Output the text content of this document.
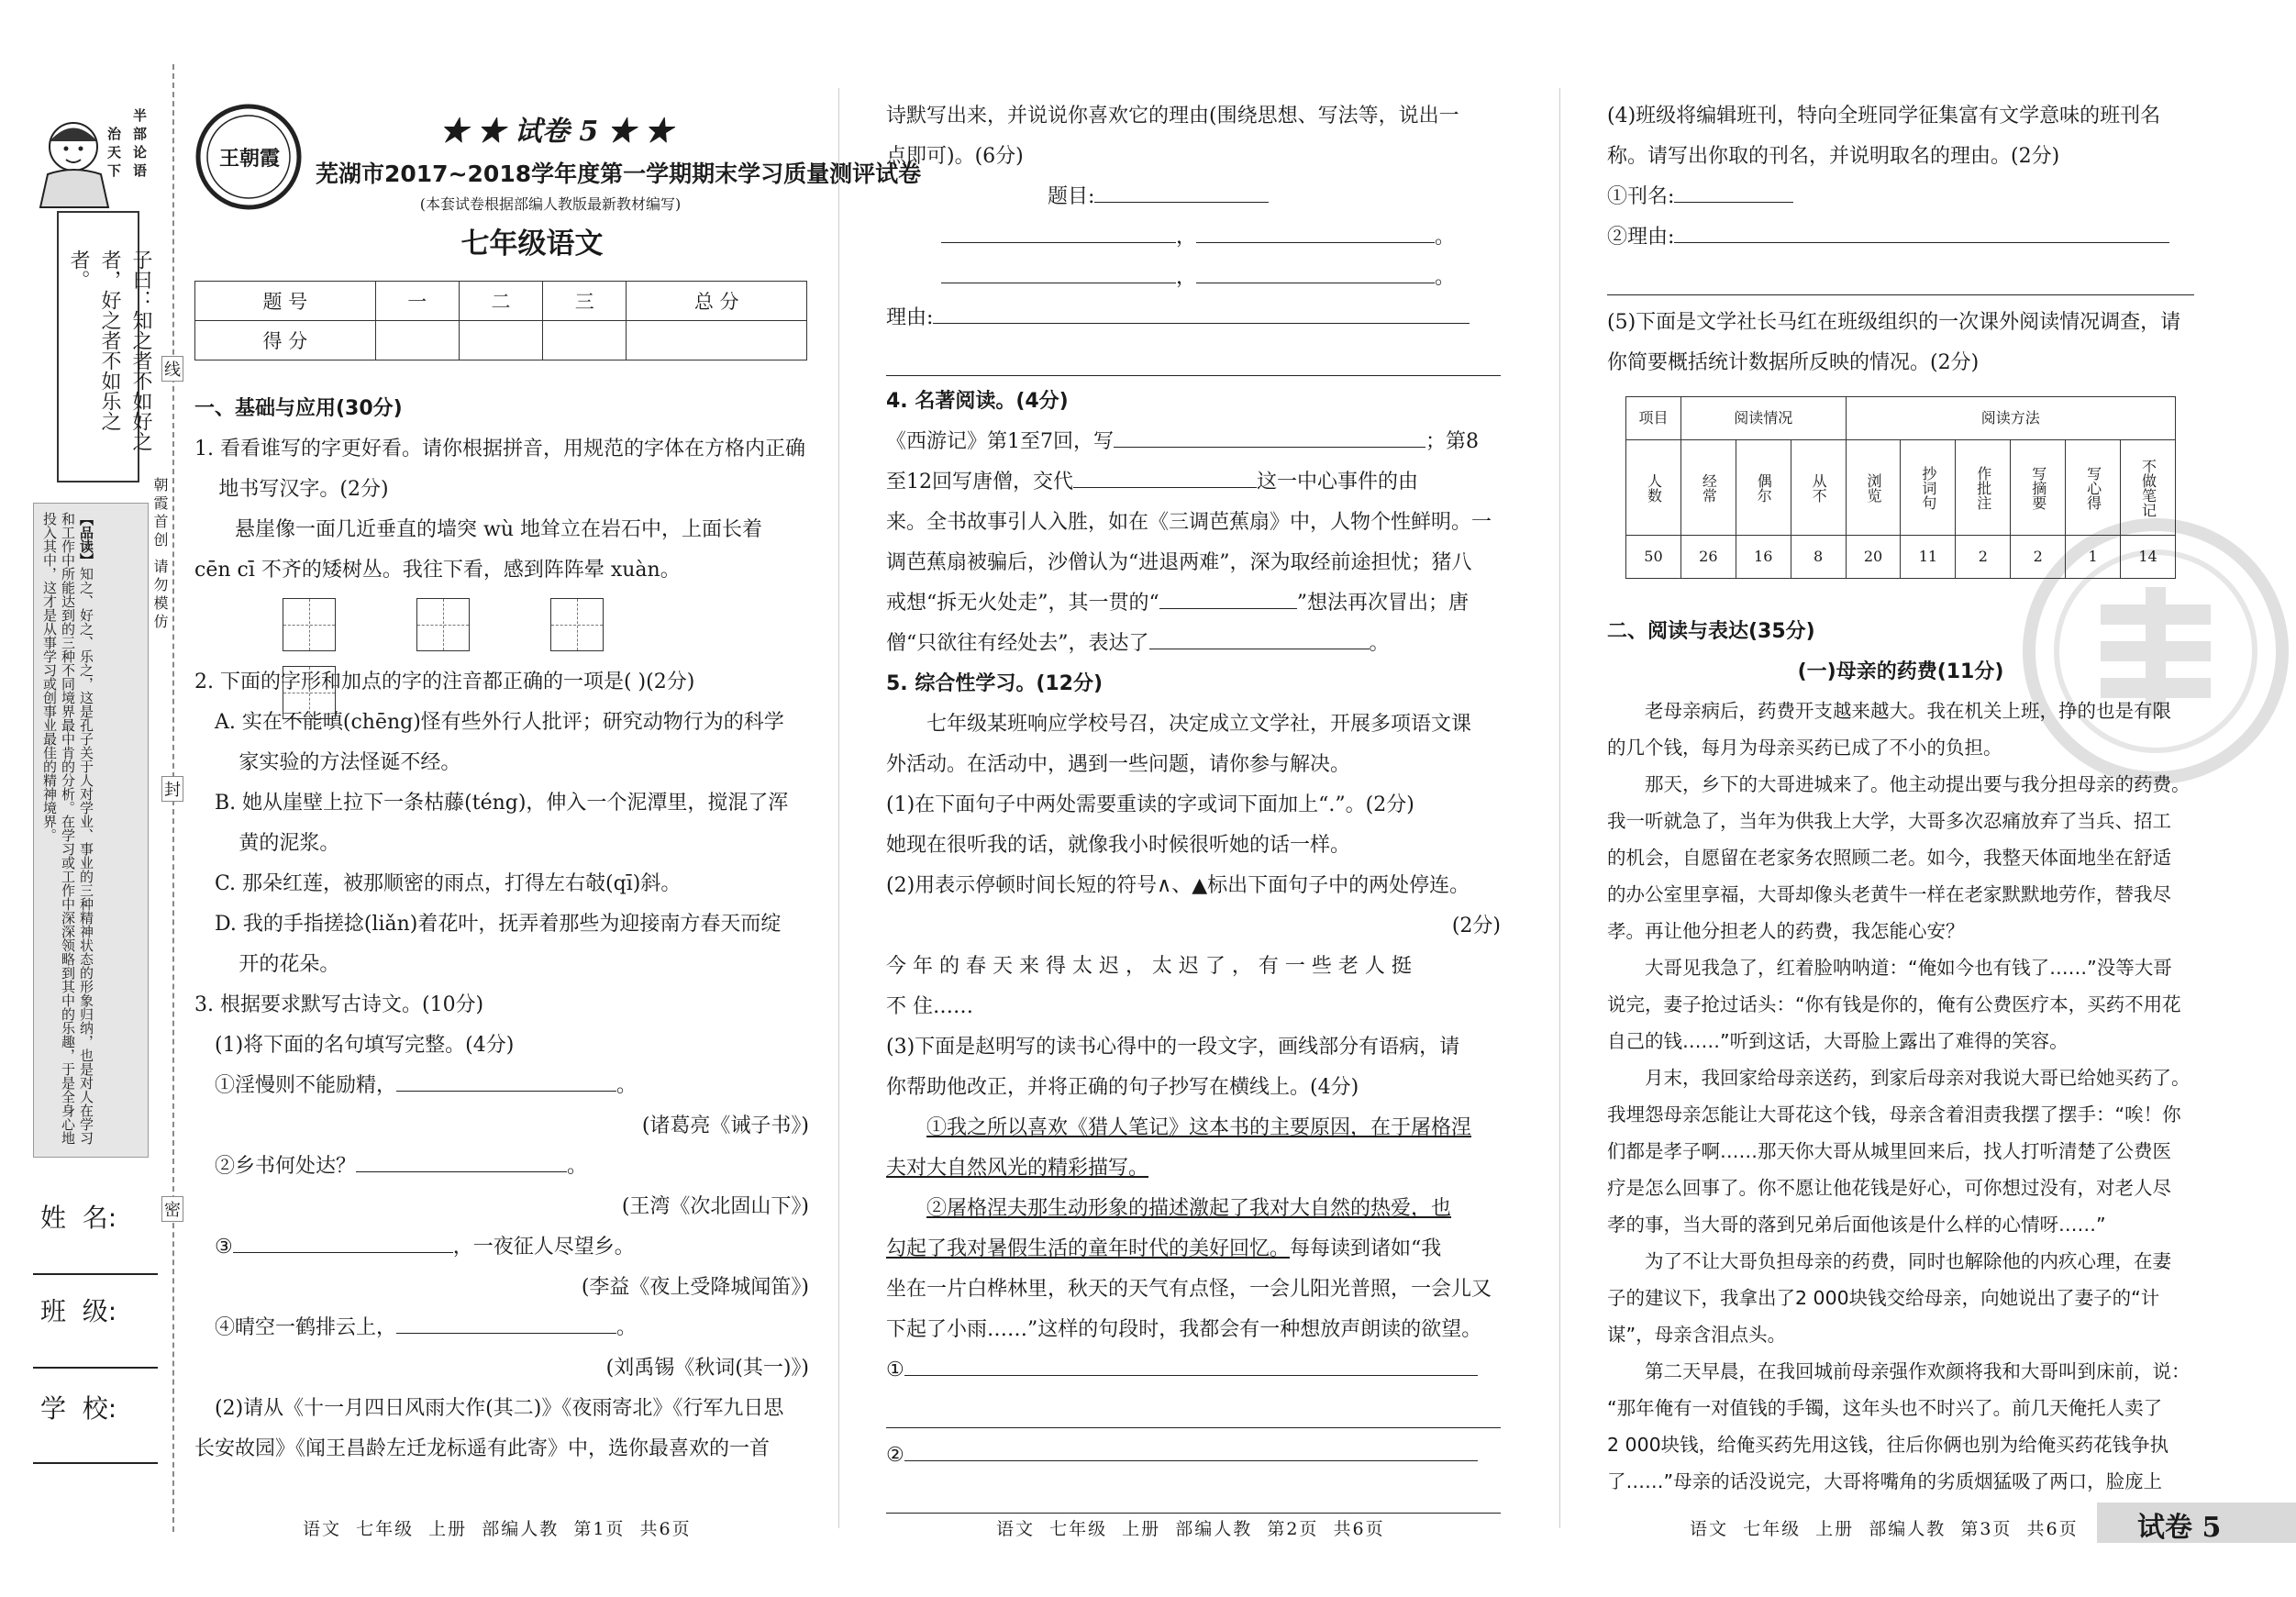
半部论语
治天下
子曰：知之者不如好之者，好之者不如乐之者。
【品读】知之、好之、乐之，这是孔子关于人对学业、事业的三种精神状态的形象归纳，也是对人在学习和工作中所能达到的三种不同境界最中肯的分析。在学习或工作中深深领略到其中的乐趣，于是全身心地投入其中，这才是从事学习或创事业最佳的精神境界。	朝霞首创 请勿模仿
线
封
密
姓  名:
班  级:
学  校:
王朝霞
★ ★ 试卷 5 ★ ★
芜湖市2017~2018学年度第一学期期末学习质量测评试卷
(本套试卷根据部编人教版最新教材编写)
七年级语文
题 号	一	二	三	总 分
得 分				

一、基础与应用(30分)

1. 看看谁写的字更好看。请你根据拼音，用规范的字体在方格内正确

地书写汉字。(2分)

悬崖像一面几近垂直的墙突 wù 地耸立在岩石中，上面长着

cēn cī 不齐的矮树丛。我往下看，感到阵阵晕 xuàn。

2. 下面的字形和加点的字的注音都正确的一项是( )(2分)

A. 实在不能嗔(chēng)怪有些外行人批评；研究动物行为的科学

家实验的方法怪诞不经。

B. 她从崖壁上拉下一条枯藤(téng)，伸入一个泥潭里，搅混了浑

黄的泥浆。

C. 那朵红莲，被那顺密的雨点，打得左右攲(qī)斜。

D. 我的手指搓捻(liǎn)着花叶，抚弄着那些为迎接南方春天而绽

开的花朵。

3. 根据要求默写古诗文。(10分)

(1)将下面的名句填写完整。(4分)

①淫慢则不能励精，	。

(诸葛亮《诫子书》)

②乡书何处达？	。

(王湾《次北固山下》)

③	，一夜征人尽望乡。

(李益《夜上受降城闻笛》)

④晴空一鹤排云上，	。

(刘禹锡《秋词(其一)》)

(2)请从《十一月四日风雨大作(其二)》《夜雨寄北》《行军九日思

长安故园》《闻王昌龄左迁龙标遥有此寄》中，选你最喜欢的一首

语文  七年级  上册  部编人教  第1页  共6页

诗默写出来，并说说你喜欢它的理由(围绕思想、写法等，说出一

点即可)。(6分)

题目:

，	。

，	。

理由:

4. 名著阅读。(4分)

《西游记》第1至7回，写	；第8

至12回写唐僧，交代	这一中心事件的由

来。全书故事引人入胜，如在《三调芭蕉扇》中，人物个性鲜明。一

调芭蕉扇被骗后，沙僧认为“进退两难”，深为取经前途担忧；猪八

戒想“拆无火处走”，其一贯的“	”想法再次冒出；唐

僧“只欲往有经处去”，表达了	。

5. 综合性学习。(12分)

七年级某班响应学校号召，决定成立文学社，开展多项语文课

外活动。在活动中，遇到一些问题，请你参与解决。

(1)在下面句子中两处需要重读的字或词下面加上“.”。(2分)

她现在很听我的话，就像我小时候很听她的话一样。

(2)用表示停顿时间长短的符号∧、▲标出下面句子中的两处停连。

(2分)

今 年 的 春 天 来 得 太 迟 ， 太 迟 了 ， 有 一 些 老 人 挺

不 住……

(3)下面是赵明写的读书心得中的一段文字，画线部分有语病，请

你帮助他改正，并将正确的句子抄写在横线上。(4分)

①我之所以喜欢《猎人笔记》这本书的主要原因，在于屠格涅

夫对大自然风光的精彩描写。

②屠格涅夫那生动形象的描述激起了我对大自然的热爱，也

勾起了我对暑假生活的童年时代的美好回忆。每每读到诸如“我

坐在一片白桦林里，秋天的天气有点怪，一会儿阳光普照，一会儿又

下起了小雨……”这样的句段时，我都会有一种想放声朗读的欲望。

①

②

语文  七年级  上册  部编人教  第2页  共6页

(4)班级将编辑班刊，特向全班同学征集富有文学意味的班刊名

称。请写出你取的刊名，并说明取名的理由。(2分)

①刊名:

②理由:

(5)下面是文学社长马红在班级组织的一次课外阅读情况调查，请

你简要概括统计数据所反映的情况。(2分)

项目	阅读情况			阅读方法					
人数	经常	偶尔	从不	浏览	抄词句	作批注	写摘要	写心得	不做笔记
50	26	16	8	20	11	2	2	1	14

二、阅读与表达(35分)

(一)母亲的药费(11分)

老母亲病后，药费开支越来越大。我在机关上班，挣的也是有限

的几个钱，每月为母亲买药已成了不小的负担。

那天，乡下的大哥进城来了。他主动提出要与我分担母亲的药费。

我一听就急了，当年为供我上大学，大哥多次忍痛放弃了当兵、招工

的机会，自愿留在老家务农照顾二老。如今，我整天体面地坐在舒适

的办公室里享福，大哥却像头老黄牛一样在老家默默地劳作，替我尽

孝。再让他分担老人的药费，我怎能心安？

大哥见我急了，红着脸呐呐道：“俺如今也有钱了……”没等大哥

说完，妻子抢过话头：“你有钱是你的，俺有公费医疗本，买药不用花

自己的钱……”听到这话，大哥脸上露出了难得的笑容。

月末，我回家给母亲送药，到家后母亲对我说大哥已给她买药了。

我埋怨母亲怎能让大哥花这个钱，母亲含着泪责我摆了摆手：“唉！你

们都是孝子啊……那天你大哥从城里回来后，找人打听清楚了公费医

疗是怎么回事了。你不愿让他花钱是好心，可你想过没有，对老人尽

孝的事，当大哥的落到兄弟后面他该是什么样的心情呀……”

为了不让大哥负担母亲的药费，同时也解除他的内疚心理，在妻

子的建议下，我拿出了2 000块钱交给母亲，向她说出了妻子的“计

谋”，母亲含泪点头。

第二天早晨，在我回城前母亲强作欢颜将我和大哥叫到床前，说：

“那年俺有一对值钱的手镯，这年头也不时兴了。前几天俺托人卖了

2 000块钱，给俺买药先用这钱，往后你俩也别为给俺买药花钱争执

了……”母亲的话没说完，大哥将嘴角的劣质烟猛吸了两口，脸庞上

语文  七年级  上册  部编人教  第3页  共6页 试卷 5
